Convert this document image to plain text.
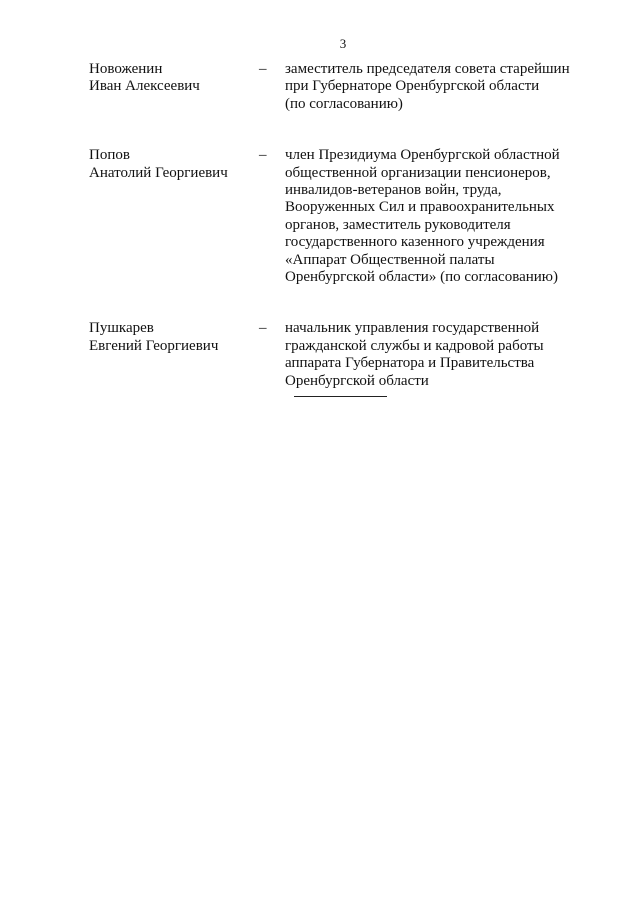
3
Новоженин
Иван Алексеевич
–	заместитель председателя совета старейшин
при Губернаторе Оренбургской области
(по согласованию)
Попов
Анатолий Георгиевич
–	член Президиума Оренбургской областной
общественной организации пенсионеров,
инвалидов-ветеранов войн, труда,
Вооруженных Сил и правоохранительных
органов, заместитель руководителя
государственного казенного учреждения
«Аппарат Общественной палаты
Оренбургской области» (по согласованию)
Пушкарев
Евгений Георгиевич
–	начальник управления государственной
гражданской службы и кадровой работы
аппарата Губернатора и Правительства
Оренбургской области
